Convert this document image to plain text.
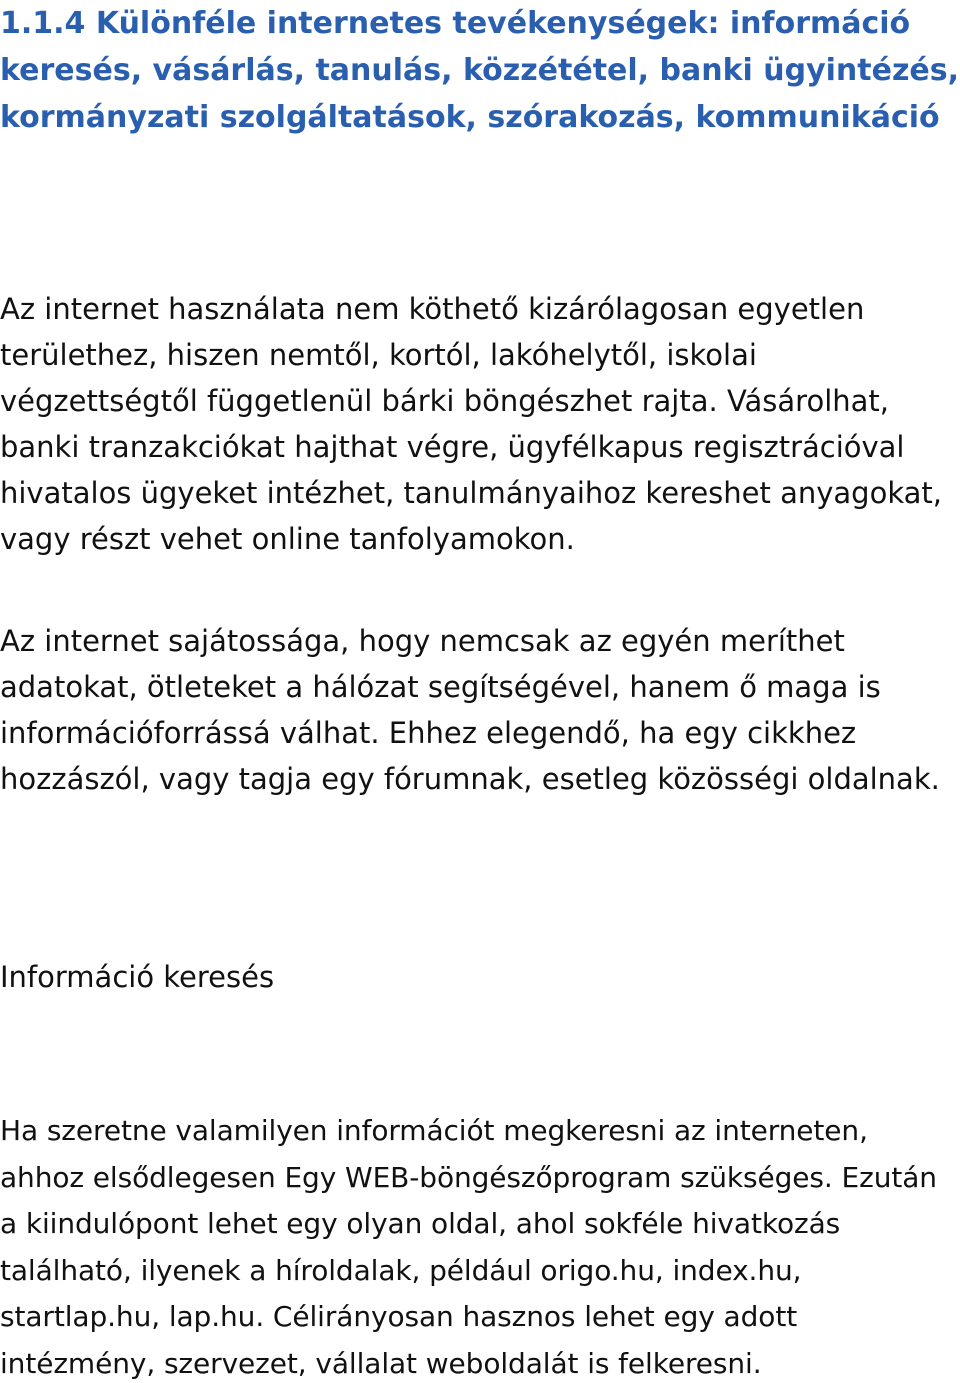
1.1.4 Különféle internetes tevékenységek: információ keresés, vásárlás, tanulás, közzététel, banki ügyintézés, kormányzati szolgáltatások, szórakozás, kommunikáció

Az internet használata nem köthető kizárólagosan egyetlen területhez, hiszen nemtől, kortól, lakóhelytől, iskolai végzettségtől függetlenül bárki böngészhet rajta. Vásárolhat, banki tranzakciókat hajthat végre, ügyfélkapus regisztrációval hivatalos ügyeket intézhet, tanulmányaihoz kereshet anyagokat, vagy részt vehet online tanfolyamokon.

Az internet sajátossága, hogy nemcsak az egyén meríthet adatokat, ötleteket a hálózat segítségével, hanem ő maga is információforrássá válhat. Ehhez elegendő, ha egy cikkhez hozzászól, vagy tagja egy fórumnak, esetleg közösségi oldalnak.

Információ keresés

Ha szeretne valamilyen információt megkeresni az interneten, ahhoz elsődlegesen Egy WEB-böngészőprogram szükséges. Ezután a kiindulópont lehet egy olyan oldal, ahol sokféle hivatkozás található, ilyenek a híroldalak, például origo.hu, index.hu, startlap.hu, lap.hu. Célirányosan hasznos lehet egy adott intézmény, szervezet, vállalat weboldalát is felkeresni.
